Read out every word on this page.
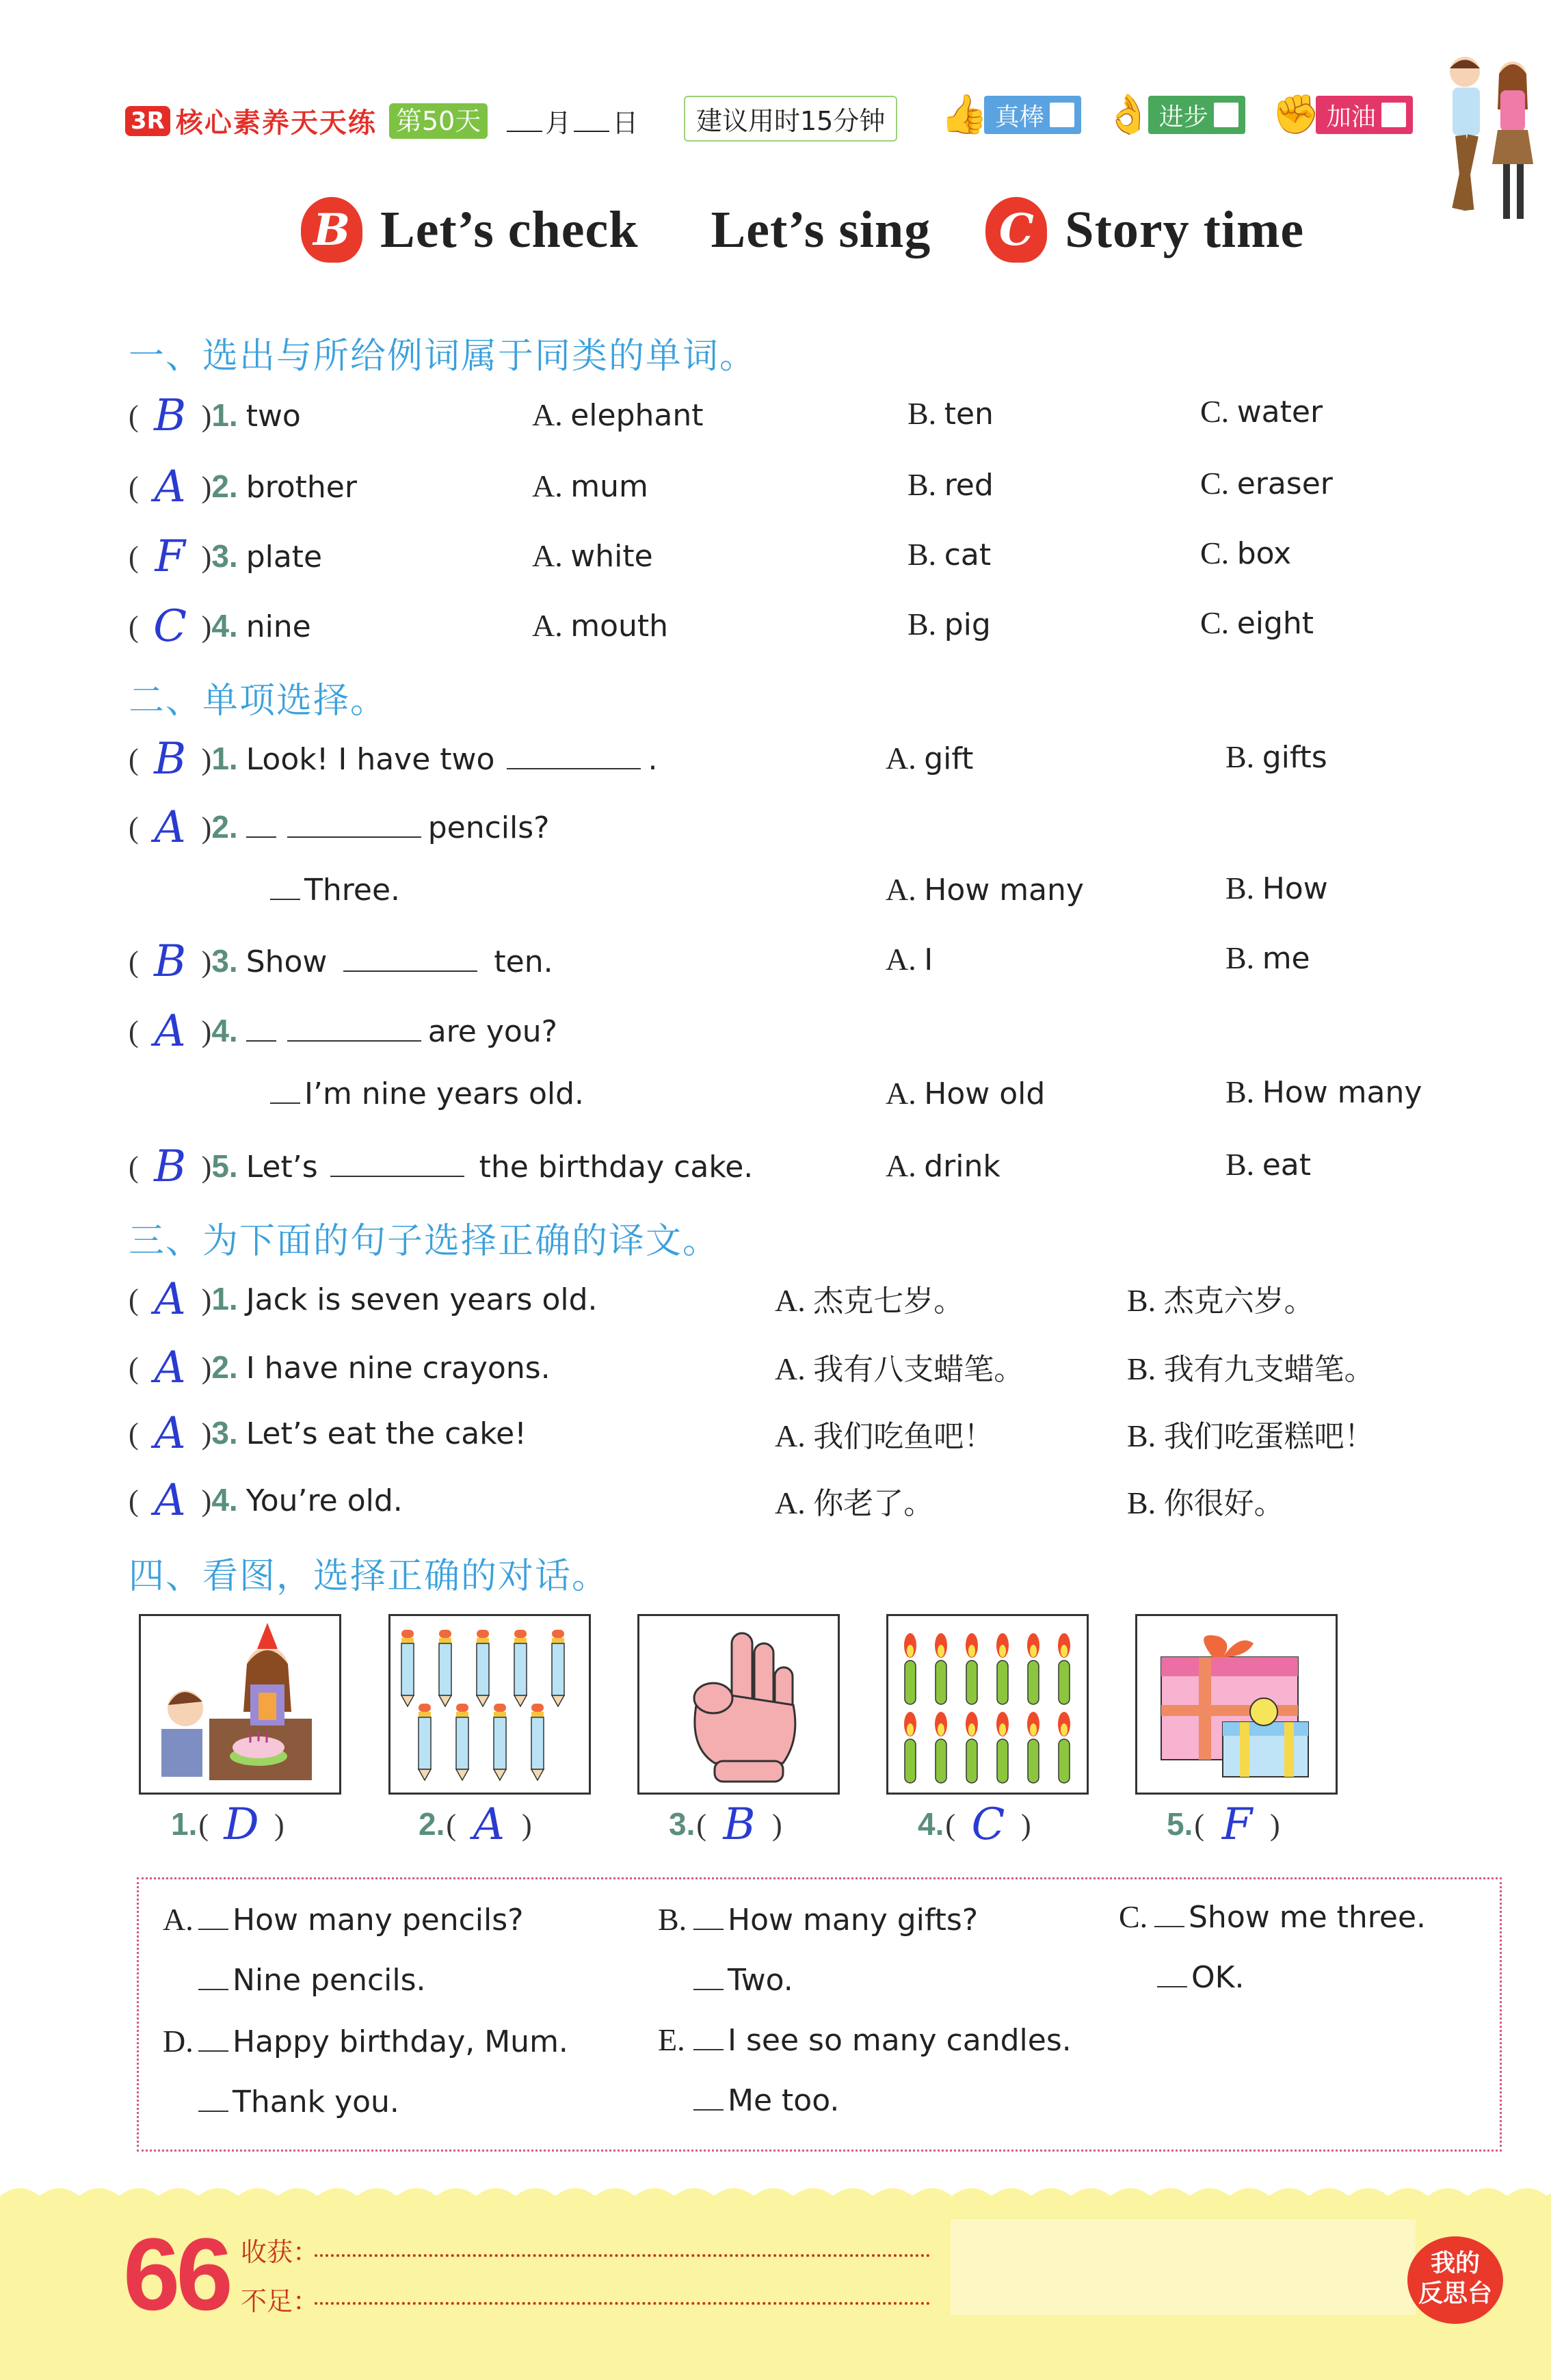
3R 核心素养天天练 第50天	月 日	建议用时15分钟	👍 真棒 👌 进步 ✊ 加油
B Let’s check Let’s sing	C Story time
一、选出与所给例词属于同类的单词。
( B ) 1. two	A. elephant	B. ten	C. water
( A ) 2. brother	A. mum	B. red	C. eraser
( F ) 3. plate	A. white	B. cat	C. box
( C ) 4. nine	A. mouth	B. pig	C. eight
二、单项选择。
( B ) 1. Look! I have two	.	A. gift	B. gifts
( A ) 2.	pencils?
Three.	A. How many	B. How
( B ) 3. Show	ten.	A. I	B. me
( A ) 4.	are you?
I’m nine years old.	A. How old	B. How many
( B ) 5. Let’s	the birthday cake.	A. drink	B. eat
三、为下面的句子选择正确的译文。
( A ) 1. Jack is seven years old.	A. 杰克七岁。	B. 杰克六岁。
( A ) 2. I have nine crayons.	A. 我有八支蜡笔。	B. 我有九支蜡笔。
( A ) 3. Let’s eat the cake!	A. 我们吃鱼吧！	B. 我们吃蛋糕吧！
( A ) 4. You’re old.	A. 你老了。	B. 你很好。
四、看图，选择正确的对话。
1. ( D )	2. ( A )	3. ( B )	4. ( C )	5. ( F )
A. How many pencils?
Nine pencils.
B. How many gifts?
Two.
C. Show me three.
OK.
D. Happy birthday, Mum.
Thank you.
E. I see so many candles.
Me too.
66 收获：
不足：
我的
反思台
